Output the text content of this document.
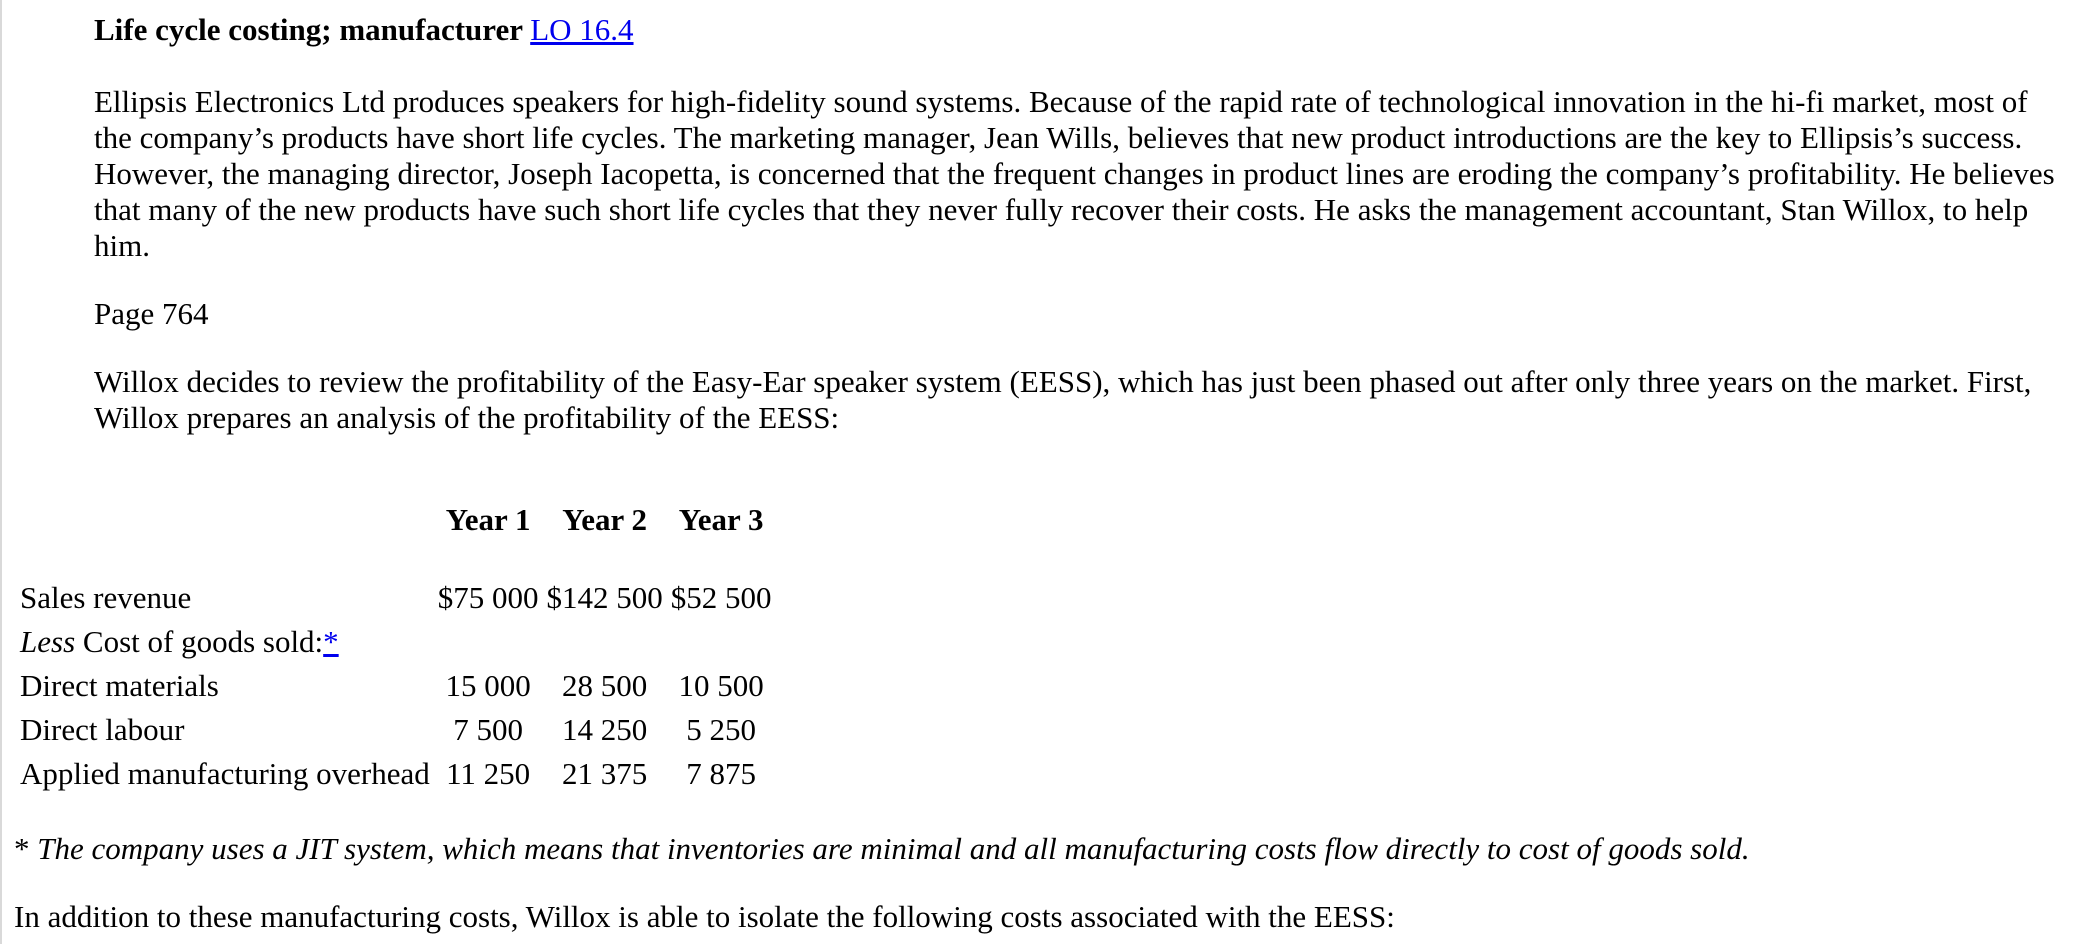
Life cycle costing; manufacturer LO 16.4

Ellipsis Electronics Ltd produces speakers for high-fidelity sound systems. Because of the rapid rate of technological innovation in the hi-fi market, most of the company’s products have short life cycles. The marketing manager, Jean Wills, believes that new product introductions are the key to Ellipsis’s success. However, the managing director, Joseph Iacopetta, is concerned that the frequent changes in product lines are eroding the company’s profitability. He believes that many of the new products have such short life cycles that they never fully recover their costs. He asks the management accountant, Stan Willox, to help him.

Page 764

Willox decides to review the profitability of the Easy-Ear speaker system (EESS), which has just been phased out after only three years on the market. First, Willox prepares an analysis of the profitability of the EESS:

	Year 1	Year 2	Year 3

Sales revenue	$75 000	$142 500	$52 500
Less Cost of goods sold:*			
Direct materials	15 000	28 500	10 500
Direct labour	7 500	14 250	5 250
Applied manufacturing overhead	11 250	21 375	7 875

* The company uses a JIT system, which means that inventories are minimal and all manufacturing costs flow directly to cost of goods sold.

In addition to these manufacturing costs, Willox is able to isolate the following costs associated with the EESS:
